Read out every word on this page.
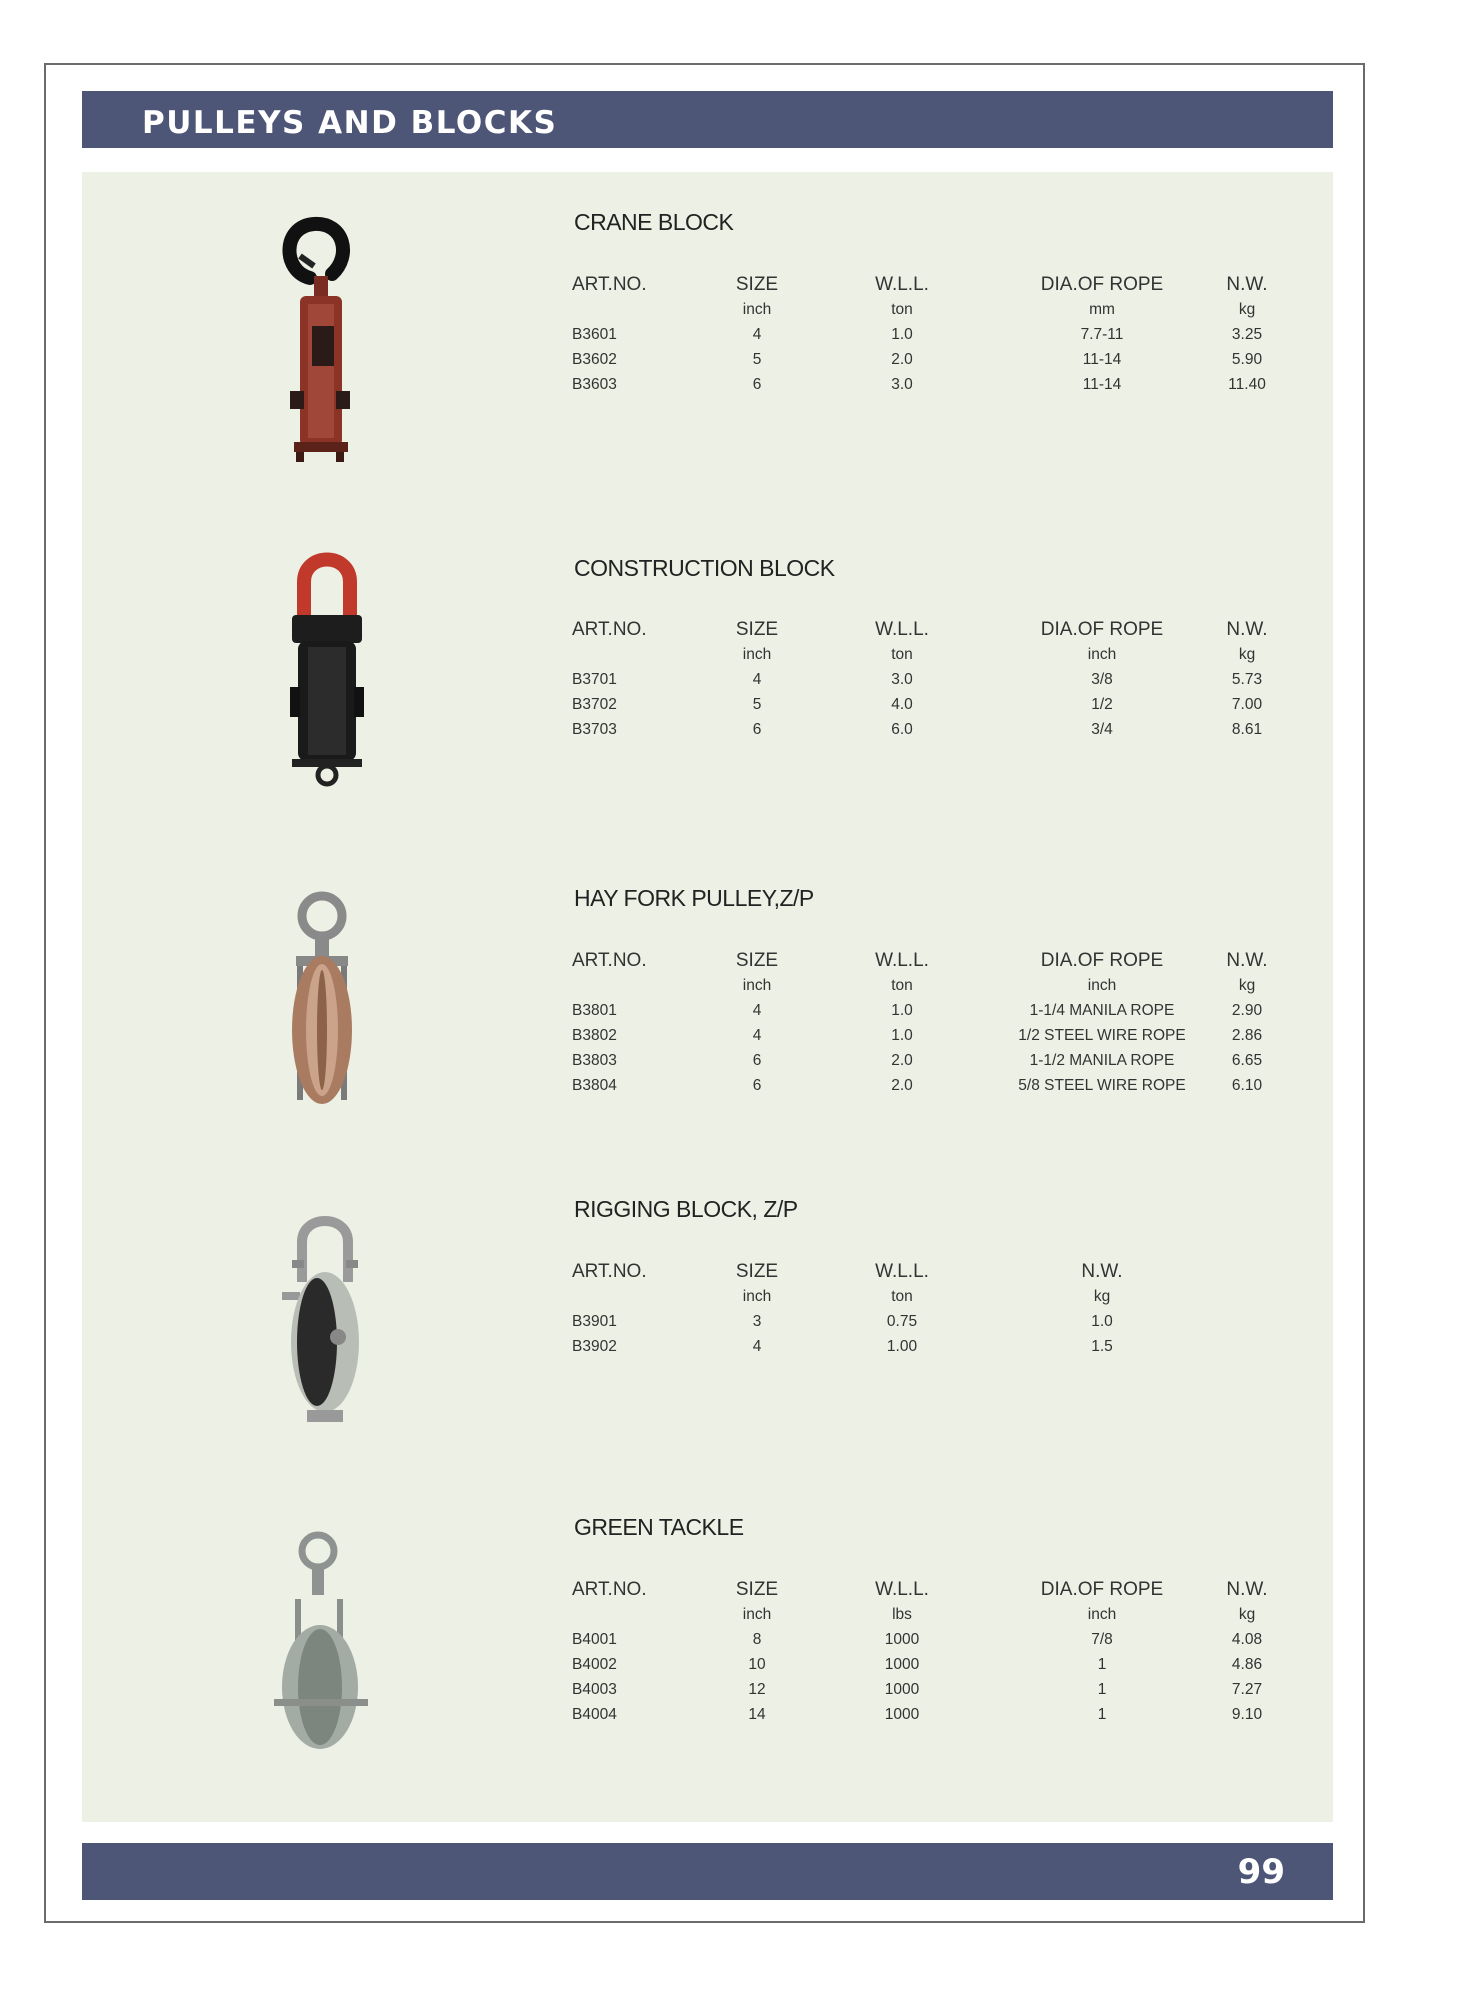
PULLEYS AND BLOCKS
CRANE BLOCK
ART.NO.	SIZE	W.L.L.	DIA.OF ROPE	N.W.
	inch	ton	mm	kg
B3601	4	1.0	7.7-11	3.25
B3602	5	2.0	11-14	5.90
B3603	6	3.0	11-14	11.40
CONSTRUCTION BLOCK
ART.NO.	SIZE	W.L.L.	DIA.OF ROPE	N.W.
	inch	ton	inch	kg
B3701	4	3.0	3/8	5.73
B3702	5	4.0	1/2	7.00
B3703	6	6.0	3/4	8.61
HAY FORK PULLEY,Z/P
ART.NO.	SIZE	W.L.L.	DIA.OF ROPE	N.W.
	inch	ton	inch	kg
B3801	4	1.0	1-1/4 MANILA ROPE	2.90
B3802	4	1.0	1/2 STEEL WIRE ROPE	2.86
B3803	6	2.0	1-1/2 MANILA ROPE	6.65
B3804	6	2.0	5/8 STEEL WIRE ROPE	6.10
RIGGING BLOCK, Z/P
ART.NO.	SIZE	W.L.L.	N.W.	
	inch	ton	kg	
B3901	3	0.75	1.0	
B3902	4	1.00	1.5	
GREEN TACKLE
ART.NO.	SIZE	W.L.L.	DIA.OF ROPE	N.W.
	inch	lbs	inch	kg
B4001	8	1000	7/8	4.08
B4002	10	1000	1	4.86
B4003	12	1000	1	7.27
B4004	14	1000	1	9.10
99
